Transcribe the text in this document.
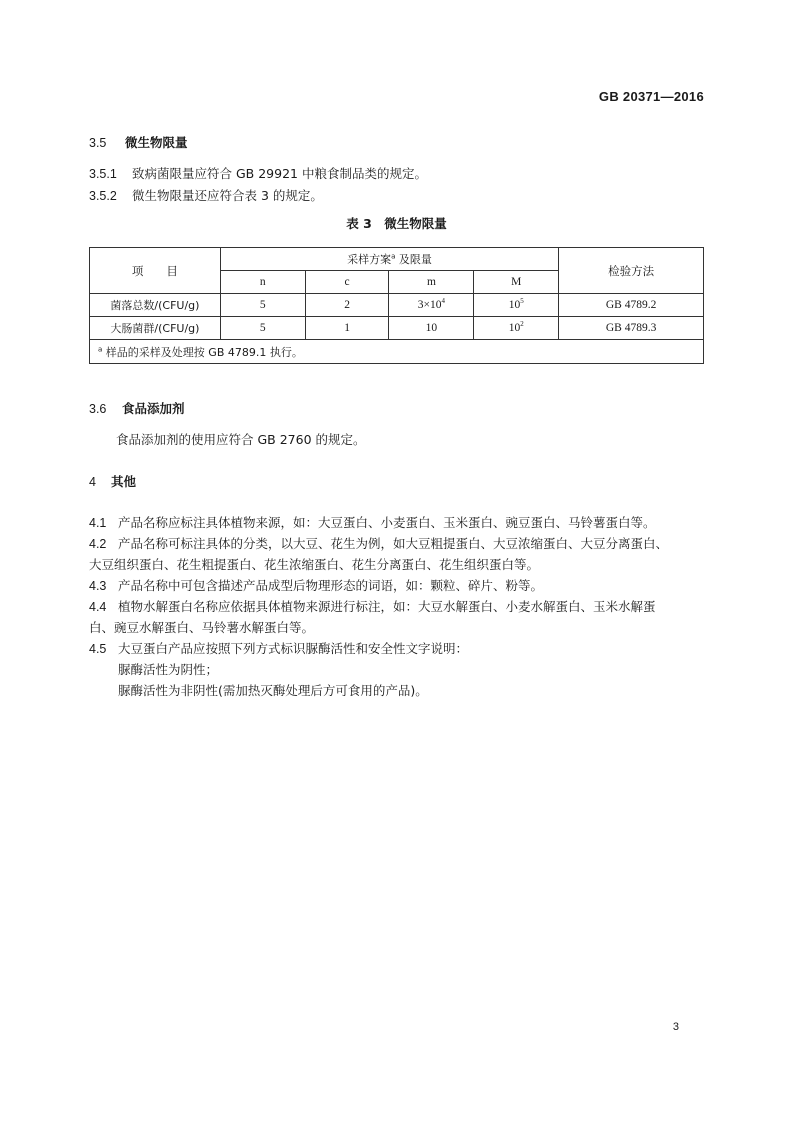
GB 20371—2016
3.5 微生物限量
3.5.1 致病菌限量应符合 GB 29921 中粮食制品类的规定。
3.5.2 微生物限量还应符合表 3 的规定。
表 3　微生物限量
项　　目	采样方案$^a$ 及限量				检验方法
	n	c	m	M	
菌落总数/(CFU/g)	5	2	$3\times 10^4$	$10^5$	GB 4789.2
大肠菌群/(CFU/g)	5	1	10	$10^2$	GB 4789.3
$^a$ 样品的采样及处理按 GB 4789.1 执行。					
3.6 食品添加剂
食品添加剂的使用应符合 GB 2760 的规定。
4 其他
4.1 产品名称应标注具体植物来源，如：大豆蛋白、小麦蛋白、玉米蛋白、豌豆蛋白、马铃薯蛋白等。
4.2 产品名称可标注具体的分类，以大豆、花生为例，如大豆粗提蛋白、大豆浓缩蛋白、大豆分离蛋白、
大豆组织蛋白、花生粗提蛋白、花生浓缩蛋白、花生分离蛋白、花生组织蛋白等。
4.3 产品名称中可包含描述产品成型后物理形态的词语，如：颗粒、碎片、粉等。
4.4 植物水解蛋白名称应依据具体植物来源进行标注，如：大豆水解蛋白、小麦水解蛋白、玉米水解蛋
白、豌豆水解蛋白、马铃薯水解蛋白等。
4.5 大豆蛋白产品应按照下列方式标识脲酶活性和安全性文字说明：
脲酶活性为阴性；
脲酶活性为非阴性(需加热灭酶处理后方可食用的产品)。
3
